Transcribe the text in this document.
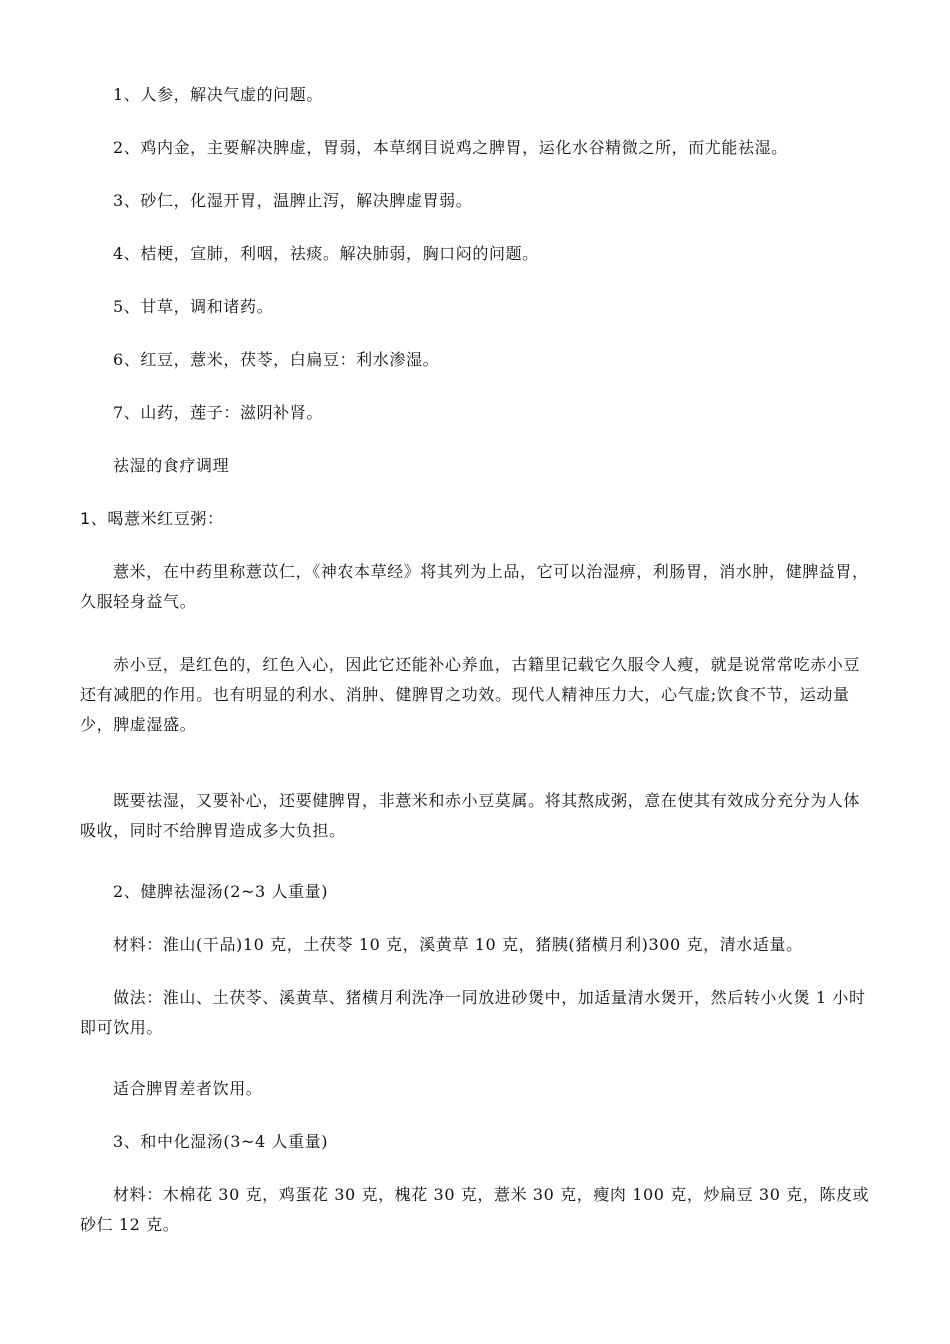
1、人参，解决气虚的问题。

2、鸡内金，主要解决脾虚，胃弱，本草纲目说鸡之脾胃，运化水谷精微之所，而尤能祛湿。

3、砂仁，化湿开胃，温脾止泻，解决脾虚胃弱。

4、桔梗，宣肺，利咽，祛痰。解决肺弱，胸口闷的问题。

5、甘草，调和诸药。

6、红豆，薏米，茯苓，白扁豆：利水渗湿。

7、山药，莲子：滋阴补肾。

祛湿的食疗调理

1、喝薏米红豆粥：

薏米，在中药里称薏苡仁，《神农本草经》将其列为上品，它可以治湿痹，利肠胃，消水肿，健脾益胃，久服轻身益气。

赤小豆，是红色的，红色入心，因此它还能补心养血，古籍里记载它久服令人瘦，就是说常常吃赤小豆还有减肥的作用。也有明显的利水、消肿、健脾胃之功效。现代人精神压力大，心气虚;饮食不节，运动量少，脾虚湿盛。

既要祛湿，又要补心，还要健脾胃，非薏米和赤小豆莫属。将其熬成粥，意在使其有效成分充分为人体吸收，同时不给脾胃造成多大负担。

2、健脾祛湿汤(2~3 人重量)

材料：淮山(干品)10 克，土茯苓 10 克，溪黄草 10 克，猪胰(猪横月利)300 克，清水适量。

做法：淮山、土茯苓、溪黄草、猪横月利洗净一同放进砂煲中，加适量清水煲开，然后转小火煲 1 小时即可饮用。

适合脾胃差者饮用。

3、和中化湿汤(3~4 人重量)

材料：木棉花 30 克，鸡蛋花 30 克，槐花 30 克，薏米 30 克，瘦肉 100 克，炒扁豆 30 克，陈皮或砂仁 12 克。
